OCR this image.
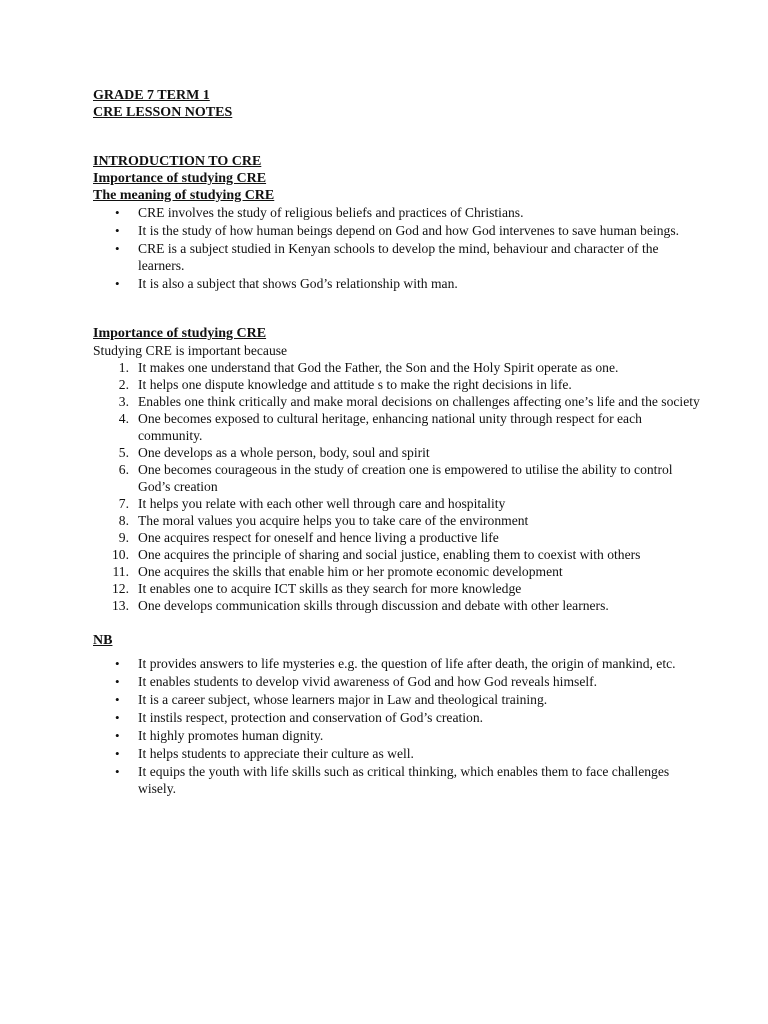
GRADE 7 TERM 1
CRE LESSON NOTES
INTRODUCTION TO CRE
Importance of studying CRE
The meaning of studying CRE
• CRE involves the study of religious beliefs and practices of Christians.
• It is the study of how human beings depend on God and how God intervenes to save human beings.
• CRE is a subject studied in Kenyan schools to develop the mind, behaviour and character of the learners.
• It is also a subject that shows God’s relationship with man.
Importance of studying CRE

Studying CRE is important because

1. It makes one understand that God the Father, the Son and the Holy Spirit operate as one.
2. It helps one dispute knowledge and attitude s to make the right decisions in life.
3. Enables one think critically and make moral decisions on challenges affecting one’s life and the society
4. One becomes exposed to cultural heritage, enhancing national unity through respect for each community.
5. One develops as a whole person, body, soul and spirit
6. One becomes courageous in the study of creation one is empowered to utilise the ability to control God’s creation
7. It helps you relate with each other well through care and hospitality
8. The moral values you acquire helps you to take care of the environment
9. One acquires respect for oneself and hence living a productive life
10. One acquires the principle of sharing and social justice, enabling them to coexist with others
11. One acquires the skills that enable him or her promote economic development
12. It enables one to acquire ICT skills as they search for more knowledge
13. One develops communication skills through discussion and debate with other learners.
NB
• It provides answers to life mysteries e.g. the question of life after death, the origin of mankind, etc.
• It enables students to develop vivid awareness of God and how God reveals himself.
• It is a career subject, whose learners major in Law and theological training.
• It instils respect, protection and conservation of God’s creation.
• It highly promotes human dignity.
• It helps students to appreciate their culture as well.
• It equips the youth with life skills such as critical thinking, which enables them to face challenges wisely.
